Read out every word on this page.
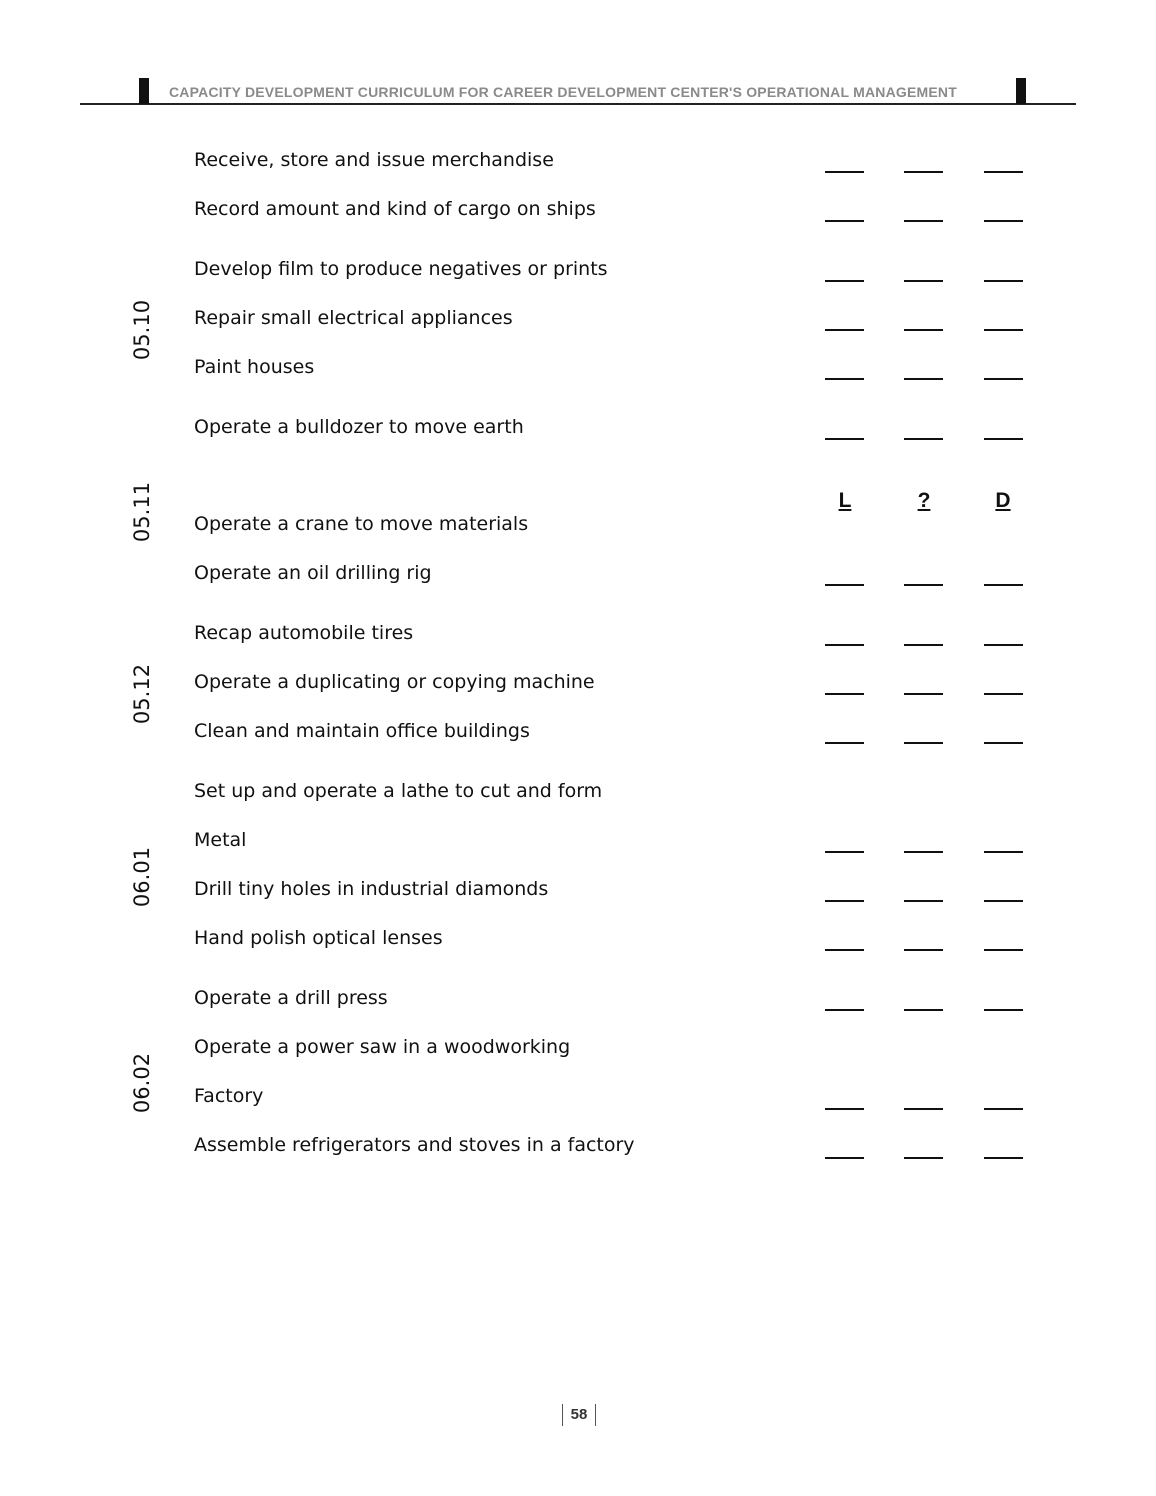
CAPACITY DEVELOPMENT CURRICULUM FOR CAREER DEVELOPMENT CENTER'S OPERATIONAL MANAGEMENT
05.10
05.11
05.12
06.01
06.02
L	?	D
Receive, store and issue merchandise
Record amount and kind of cargo on ships
Develop film to produce negatives or prints
Repair small electrical appliances
Paint houses
Operate a bulldozer to move earth
Operate a crane to move materials
Operate an oil drilling rig
Recap automobile tires
Operate a duplicating or copying machine
Clean and maintain office buildings
Set up and operate a lathe to cut and form
Metal
Drill tiny holes in industrial diamonds
Hand polish optical lenses
Operate a drill press
Operate a power saw in a woodworking
Factory
Assemble refrigerators and stoves in a factory
58
